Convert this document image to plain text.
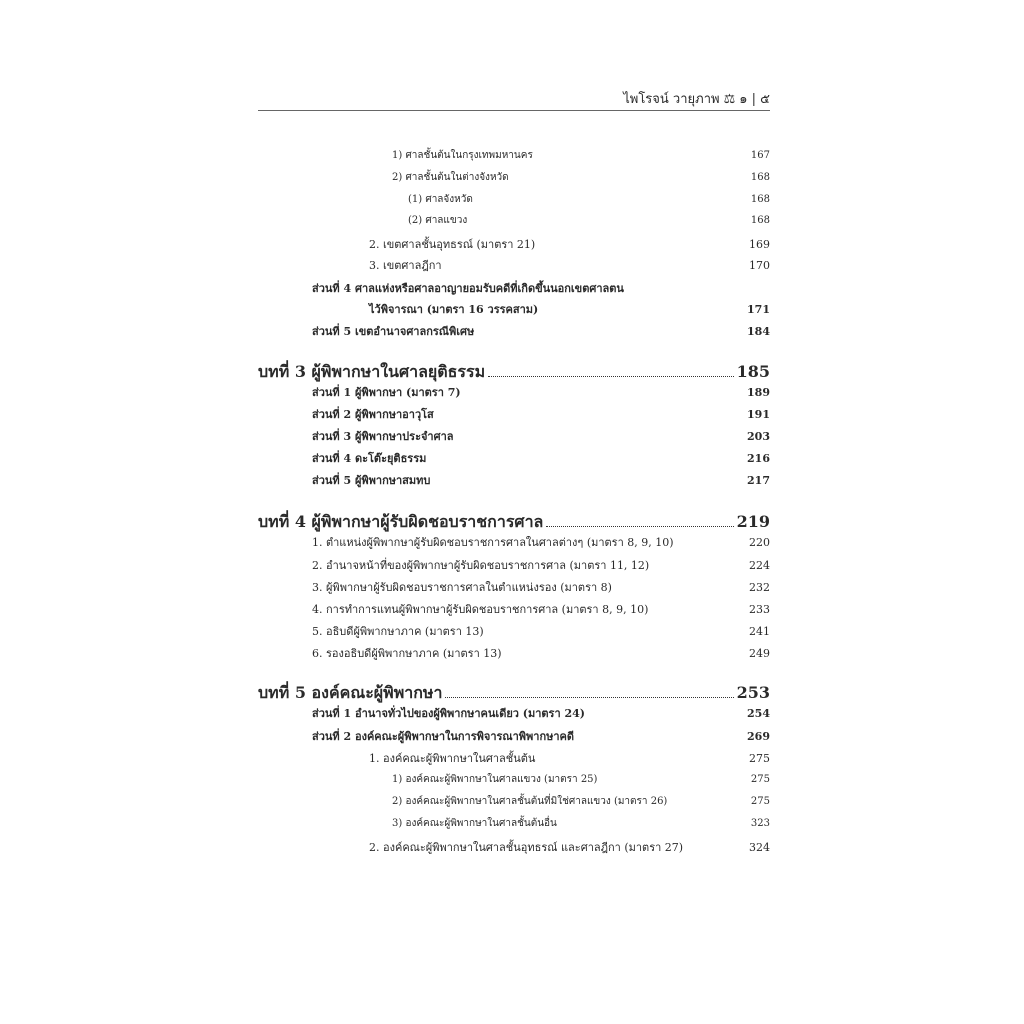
ไพโรจน์ วายุภาพ ⚖ ๑ | ๕
1) ศาลชั้นต้นในกรุงเทพมหานคร	167
2) ศาลชั้นต้นในต่างจังหวัด	168
(1) ศาลจังหวัด	168
(2) ศาลแขวง	168
2. เขตศาลชั้นอุทธรณ์ (มาตรา 21)	169
3. เขตศาลฎีกา	170
ส่วนที่ 4 ศาลแห่งหรือศาลอาญายอมรับคดีที่เกิดขึ้นนอกเขตศาลตน
ไว้พิจารณา (มาตรา 16 วรรคสาม)	171
ส่วนที่ 5 เขตอำนาจศาลกรณีพิเศษ	184
บทที่ 3 ผู้พิพากษาในศาลยุติธรรม	185
ส่วนที่ 1 ผู้พิพากษา (มาตรา 7)	189
ส่วนที่ 2 ผู้พิพากษาอาวุโส	191
ส่วนที่ 3 ผู้พิพากษาประจำศาล	203
ส่วนที่ 4 ดะโต๊ะยุติธรรม	216
ส่วนที่ 5 ผู้พิพากษาสมทบ	217
บทที่ 4 ผู้พิพากษาผู้รับผิดชอบราชการศาล	219
1. ตำแหน่งผู้พิพากษาผู้รับผิดชอบราชการศาลในศาลต่างๆ (มาตรา 8, 9, 10)	220
2. อำนาจหน้าที่ของผู้พิพากษาผู้รับผิดชอบราชการศาล (มาตรา 11, 12)	224
3. ผู้พิพากษาผู้รับผิดชอบราชการศาลในตำแหน่งรอง (มาตรา 8)	232
4. การทำการแทนผู้พิพากษาผู้รับผิดชอบราชการศาล (มาตรา 8, 9, 10)	233
5. อธิบดีผู้พิพากษาภาค (มาตรา 13)	241
6. รองอธิบดีผู้พิพากษาภาค (มาตรา 13)	249
บทที่ 5 องค์คณะผู้พิพากษา	253
ส่วนที่ 1 อำนาจทั่วไปของผู้พิพากษาคนเดียว (มาตรา 24)	254
ส่วนที่ 2 องค์คณะผู้พิพากษาในการพิจารณาพิพากษาคดี	269
1. องค์คณะผู้พิพากษาในศาลชั้นต้น	275
1) องค์คณะผู้พิพากษาในศาลแขวง (มาตรา 25)	275
2) องค์คณะผู้พิพากษาในศาลชั้นต้นที่มิใช่ศาลแขวง (มาตรา 26)	275
3) องค์คณะผู้พิพากษาในศาลชั้นต้นอื่น	323
2. องค์คณะผู้พิพากษาในศาลชั้นอุทธรณ์ และศาลฎีกา (มาตรา 27)	324
